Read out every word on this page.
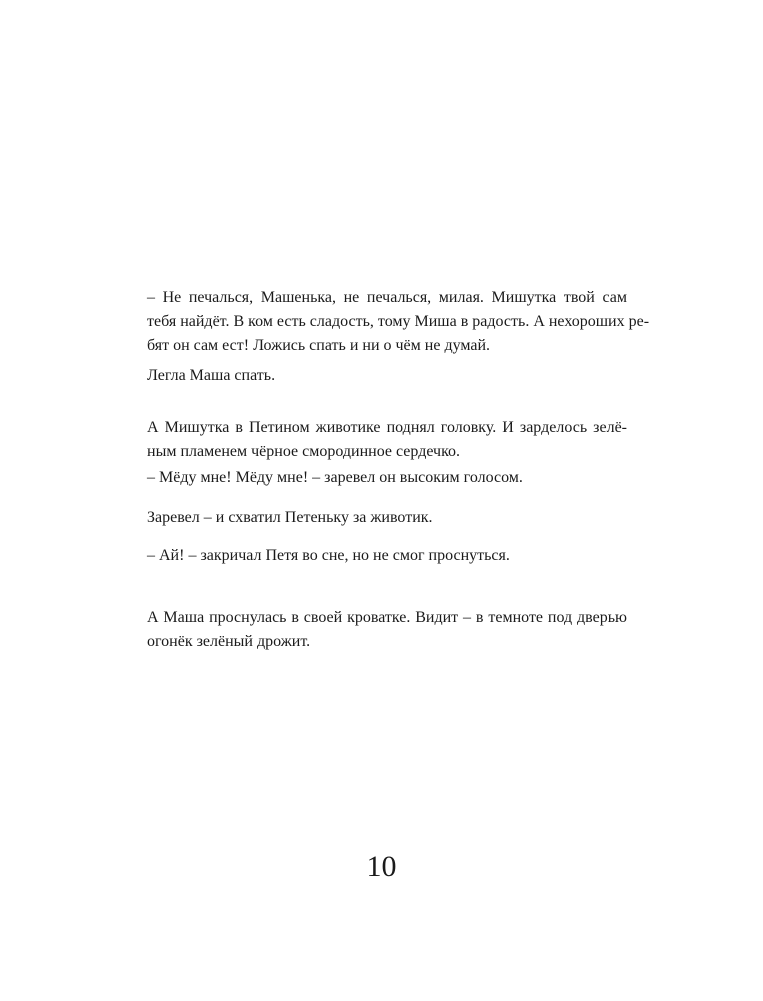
– Не печалься, Машенька, не печалься, милая. Мишутка твой сам
тебя найдёт. В ком есть сладость, тому Миша в радость. А нехороших ре-
бят он сам ест! Ложись спать и ни о чём не думай.

Легла Маша спать.

А Мишутка в Петином животике поднял головку. И зарделось зелё-
ным пламенем чёрное смородинное сердечко.

– Мёду мне! Мёду мне! – заревел он высоким голосом.

Заревел – и схватил Петеньку за животик.

– Ай! – закричал Петя во сне, но не смог проснуться.

А Маша проснулась в своей кроватке. Видит – в темноте под дверью
огонёк зелёный дрожит.

10
